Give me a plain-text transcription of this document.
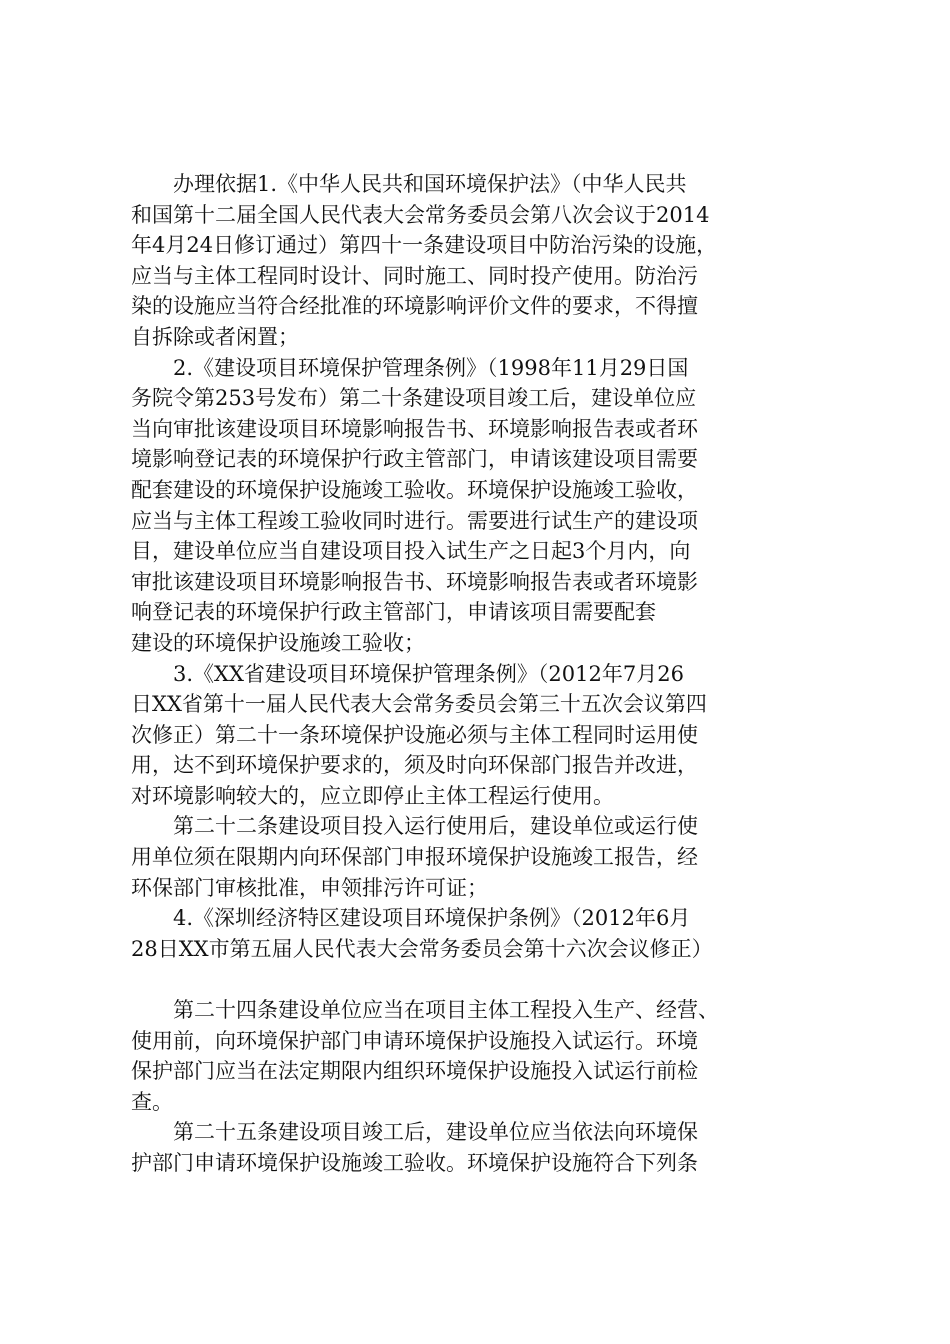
　　办理依据1.《中华人民共和国环境保护法》（中华人民共
和国第十二届全国人民代表大会常务委员会第八次会议于2014
年4月24日修订通过）第四十一条建设项目中防治污染的设施，
应当与主体工程同时设计、同时施工、同时投产使用。防治污
染的设施应当符合经批准的环境影响评价文件的要求，不得擅
自拆除或者闲置；
　　2.《建设项目环境保护管理条例》（1998年11月29日国
务院令第253号发布）第二十条建设项目竣工后，建设单位应
当向审批该建设项目环境影响报告书、环境影响报告表或者环
境影响登记表的环境保护行政主管部门，申请该建设项目需要
配套建设的环境保护设施竣工验收。环境保护设施竣工验收，
应当与主体工程竣工验收同时进行。需要进行试生产的建设项
目，建设单位应当自建设项目投入试生产之日起3个月内，向
审批该建设项目环境影响报告书、环境影响报告表或者环境影
响登记表的环境保护行政主管部门，申请该项目需要配套
建设的环境保护设施竣工验收；
　　3.《XX省建设项目环境保护管理条例》（2012年7月26
日XX省第十一届人民代表大会常务委员会第三十五次会议第四
次修正）第二十一条环境保护设施必须与主体工程同时运用使
用，达不到环境保护要求的，须及时向环保部门报告并改进，
对环境影响较大的，应立即停止主体工程运行使用。
　　第二十二条建设项目投入运行使用后，建设单位或运行使
用单位须在限期内向环保部门申报环境保护设施竣工报告，经
环保部门审核批准，申领排污许可证；
　　4.《深圳经济特区建设项目环境保护条例》（2012年6月
28日XX市第五届人民代表大会常务委员会第十六次会议修正）
　　第二十四条建设单位应当在项目主体工程投入生产、经营、
使用前，向环境保护部门申请环境保护设施投入试运行。环境
保护部门应当在法定期限内组织环境保护设施投入试运行前检
查。
　　第二十五条建设项目竣工后，建设单位应当依法向环境保
护部门申请环境保护设施竣工验收。环境保护设施符合下列条
